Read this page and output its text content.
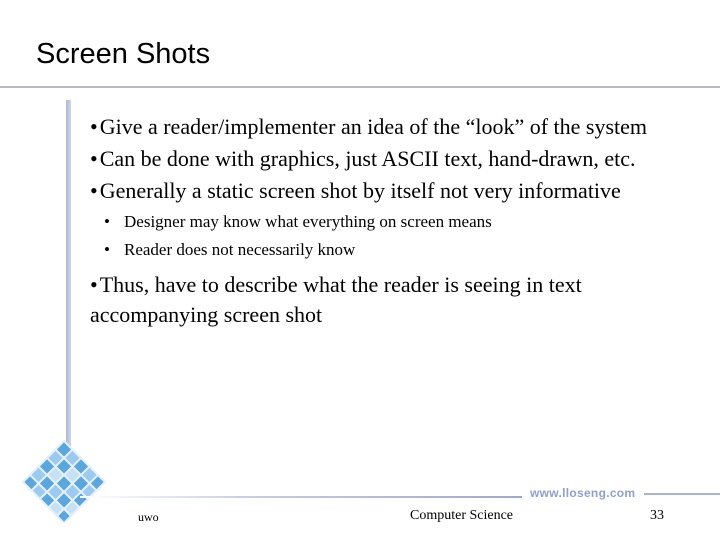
Screen Shots
•Give a reader/implementer an idea of the “look” of the system
•Can be done with graphics, just ASCII text, hand-drawn, etc.
•Generally a static screen shot by itself not very informative
• Designer may know what everything on screen means
• Reader does not necessarily know
•Thus, have to describe what the reader is seeing in text accompanying screen shot
www.lloseng.com
uwo	Computer Science	33
